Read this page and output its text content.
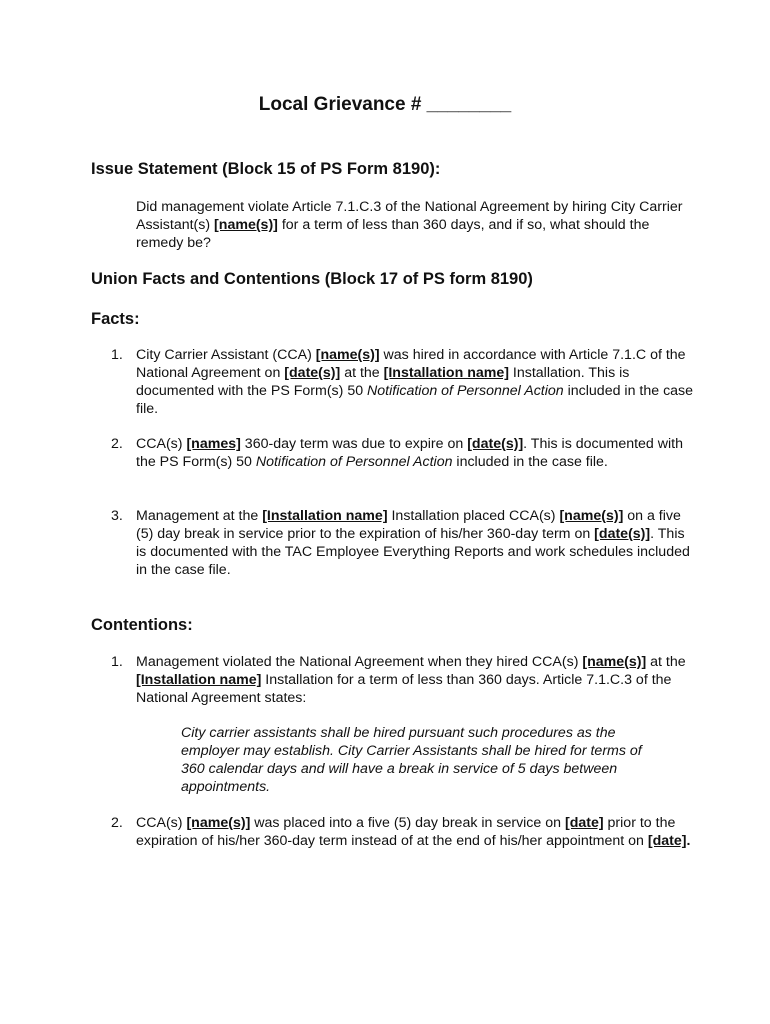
Local Grievance # ________
Issue Statement (Block 15 of PS Form 8190):
Did management violate Article 7.1.C.3 of the National Agreement by hiring City Carrier Assistant(s) [name(s)] for a term of less than 360 days, and if so, what should the remedy be?
Union Facts and Contentions (Block 17 of PS form 8190)
Facts:
1. City Carrier Assistant (CCA) [name(s)] was hired in accordance with Article 7.1.C of the National Agreement on [date(s)] at the [Installation name] Installation. This is documented with the PS Form(s) 50 Notification of Personnel Action included in the case file.
2. CCA(s) [names] 360-day term was due to expire on [date(s)]. This is documented with the PS Form(s) 50 Notification of Personnel Action included in the case file.
3. Management at the [Installation name] Installation placed CCA(s) [name(s)] on a five (5) day break in service prior to the expiration of his/her 360-day term on [date(s)]. This is documented with the TAC Employee Everything Reports and work schedules included in the case file.
Contentions:
1. Management violated the National Agreement when they hired CCA(s) [name(s)] at the [Installation name] Installation for a term of less than 360 days. Article 7.1.C.3 of the National Agreement states:
City carrier assistants shall be hired pursuant such procedures as the employer may establish. City Carrier Assistants shall be hired for terms of 360 calendar days and will have a break in service of 5 days between appointments.
2. CCA(s) [name(s)] was placed into a five (5) day break in service on [date] prior to the expiration of his/her 360-day term instead of at the end of his/her appointment on [date].
